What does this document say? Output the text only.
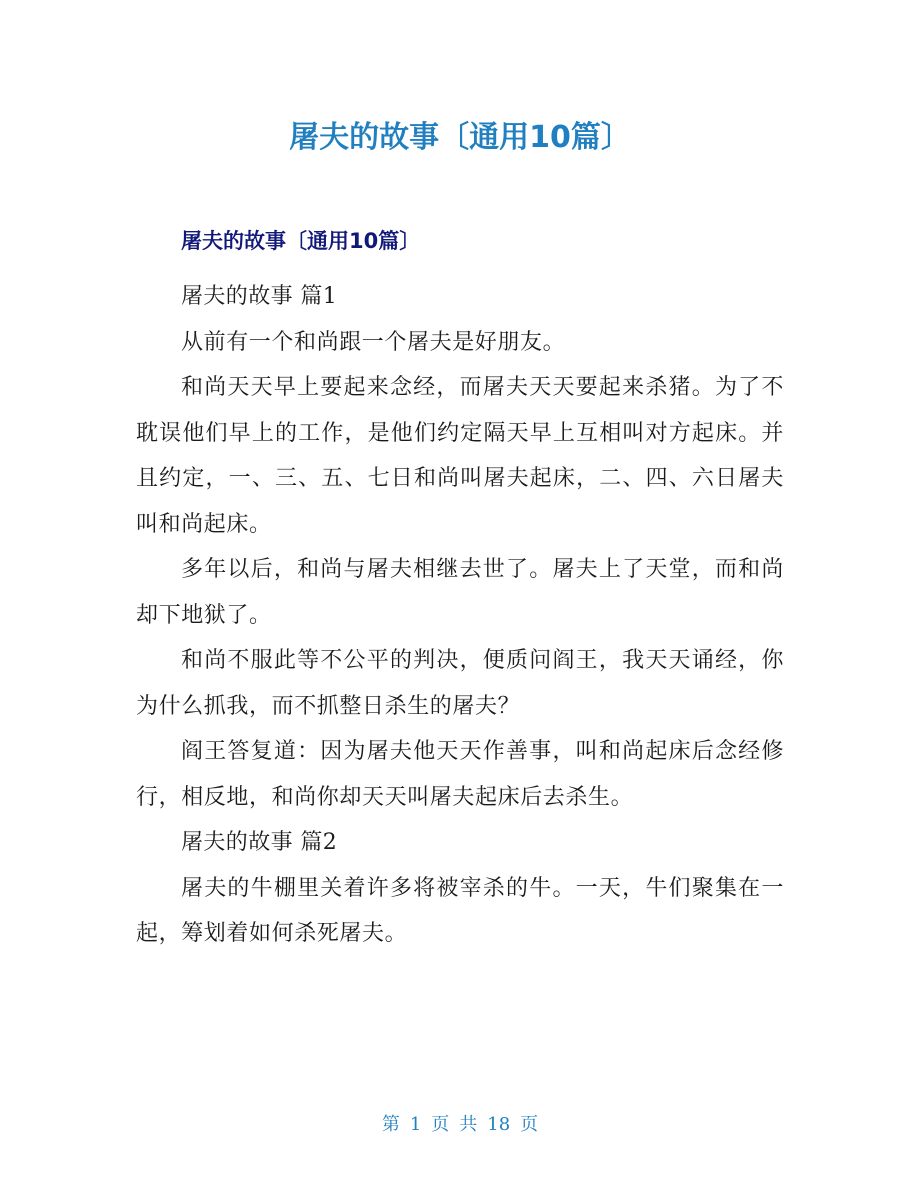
屠夫的故事〔通用10篇〕
屠夫的故事〔通用10篇〕

屠夫的故事 篇1

从前有一个和尚跟一个屠夫是好朋友。

和尚天天早上要起来念经，而屠夫天天要起来杀猪。为了不耽误他们早上的工作，是他们约定隔天早上互相叫对方起床。并且约定，一、三、五、七日和尚叫屠夫起床，二、四、六日屠夫叫和尚起床。

多年以后，和尚与屠夫相继去世了。屠夫上了天堂，而和尚却下地狱了。

和尚不服此等不公平的判决，便质问阎王，我天天诵经，你为什么抓我，而不抓整日杀生的屠夫？

阎王答复道：因为屠夫他天天作善事，叫和尚起床后念经修行，相反地，和尚你却天天叫屠夫起床后去杀生。

屠夫的故事 篇2

屠夫的牛棚里关着许多将被宰杀的牛。一天，牛们聚集在一起，筹划着如何杀死屠夫。

第 1 页 共 18 页
